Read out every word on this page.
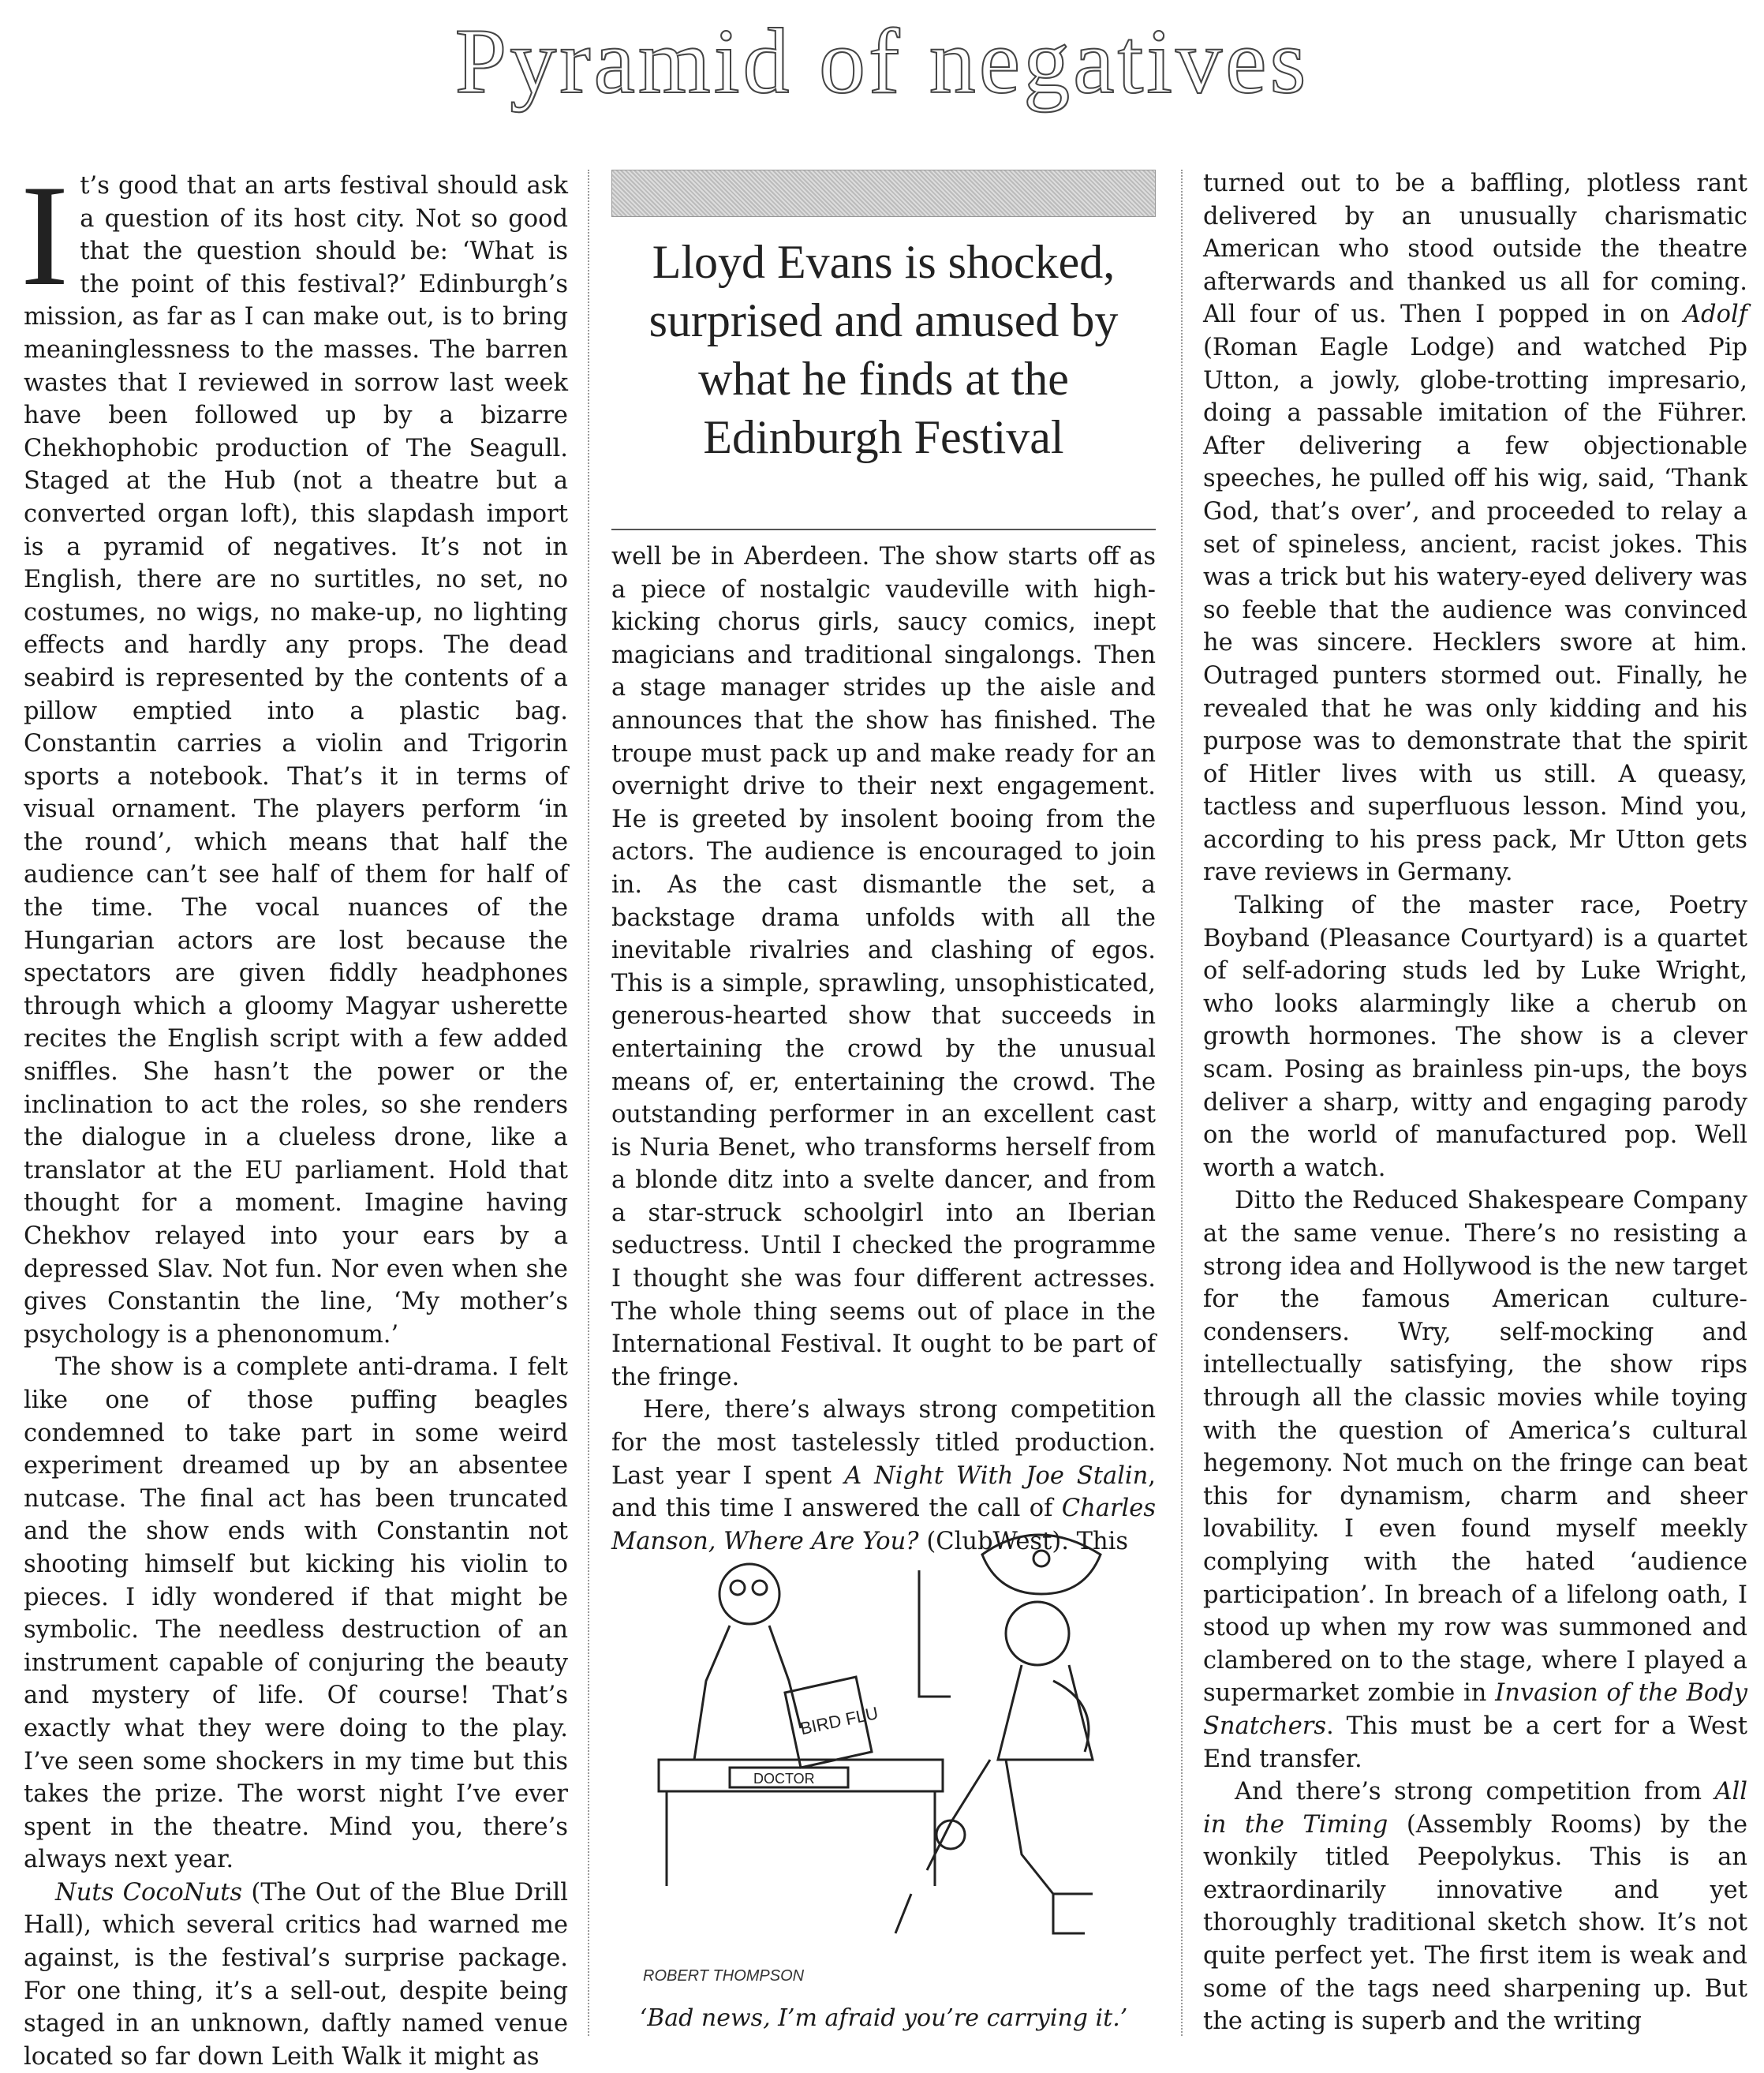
Pyramid of negatives

It’s good that an arts festival should ask a question of its host city. Not so good that the question should be: ‘What is the point of this festival?’ Edinburgh’s mission, as far as I can make out, is to bring meaninglessness to the masses. The barren wastes that I reviewed in sorrow last week have been followed up by a bizarre Chekhophobic production of The Seagull. Staged at the Hub (not a theatre but a converted organ loft), this slapdash import is a pyramid of negatives. It’s not in English, there are no surtitles, no set, no costumes, no wigs, no make-up, no lighting effects and hardly any props. The dead seabird is represented by the contents of a pillow emptied into a plastic bag. Constantin carries a violin and Trigorin sports a notebook. That’s it in terms of visual ornament. The players perform ‘in the round’, which means that half the audience can’t see half of them for half of the time. The vocal nuances of the Hungarian actors are lost because the spectators are given fiddly headphones through which a gloomy Magyar usherette recites the English script with a few added sniffles. She hasn’t the power or the inclination to act the roles, so she renders the dialogue in a clueless drone, like a translator at the EU parliament. Hold that thought for a moment. Imagine having Chekhov relayed into your ears by a depressed Slav. Not fun. Nor even when she gives Constantin the line, ‘My mother’s psychology is a phenonomum.’

The show is a complete anti-drama. I felt like one of those puffing beagles condemned to take part in some weird experiment dreamed up by an absentee nutcase. The final act has been truncated and the show ends with Constantin not shooting himself but kicking his violin to pieces. I idly wondered if that might be symbolic. The needless destruction of an instrument capable of conjuring the beauty and mystery of life. Of course! That’s exactly what they were doing to the play. I’ve seen some shockers in my time but this takes the prize. The worst night I’ve ever spent in the theatre. Mind you, there’s always next year.

Nuts CocoNuts (The Out of the Blue Drill Hall), which several critics had warned me against, is the festival’s surprise package. For one thing, it’s a sell-out, despite being staged in an unknown, daftly named venue located so far down Leith Walk it might as

Lloyd Evans is shocked, surprised and amused by what he finds at the Edinburgh Festival

well be in Aberdeen. The show starts off as a piece of nostalgic vaudeville with high-kicking chorus girls, saucy comics, inept magicians and traditional singalongs. Then a stage manager strides up the aisle and announces that the show has finished. The troupe must pack up and make ready for an overnight drive to their next engagement. He is greeted by insolent booing from the actors. The audience is encouraged to join in. As the cast dismantle the set, a backstage drama unfolds with all the inevitable rivalries and clashing of egos. This is a simple, sprawling, unsophisticated, generous-hearted show that succeeds in entertaining the crowd by the unusual means of, er, entertaining the crowd. The outstanding performer in an excellent cast is Nuria Benet, who transforms herself from a blonde ditz into a svelte dancer, and from a star-struck schoolgirl into an Iberian seductress. Until I checked the programme I thought she was four different actresses. The whole thing seems out of place in the International Festival. It ought to be part of the fringe.

Here, there’s always strong competition for the most tastelessly titled production. Last year I spent A Night With Joe Stalin, and this time I answered the call of Charles Manson, Where Are You? (ClubWest). This

BIRD FLU
DOCTOR
ROBERT THOMPSON
‘Bad news, I’m afraid you’re carrying it.’

turned out to be a baffling, plotless rant delivered by an unusually charismatic American who stood outside the theatre afterwards and thanked us all for coming. All four of us. Then I popped in on Adolf (Roman Eagle Lodge) and watched Pip Utton, a jowly, globe-trotting impresario, doing a passable imitation of the Führer. After delivering a few objectionable speeches, he pulled off his wig, said, ‘Thank God, that’s over’, and proceeded to relay a set of spineless, ancient, racist jokes. This was a trick but his watery-eyed delivery was so feeble that the audience was convinced he was sincere. Hecklers swore at him. Outraged punters stormed out. Finally, he revealed that he was only kidding and his purpose was to demonstrate that the spirit of Hitler lives with us still. A queasy, tactless and superfluous lesson. Mind you, according to his press pack, Mr Utton gets rave reviews in Germany.

Talking of the master race, Poetry Boyband (Pleasance Courtyard) is a quartet of self-adoring studs led by Luke Wright, who looks alarmingly like a cherub on growth hormones. The show is a clever scam. Posing as brainless pin-ups, the boys deliver a sharp, witty and engaging parody on the world of manufactured pop. Well worth a watch.

Ditto the Reduced Shakespeare Company at the same venue. There’s no resisting a strong idea and Hollywood is the new target for the famous American culture-condensers. Wry, self-mocking and intellectually satisfying, the show rips through all the classic movies while toying with the question of America’s cultural hegemony. Not much on the fringe can beat this for dynamism, charm and sheer lovability. I even found myself meekly complying with the hated ‘audience participation’. In breach of a lifelong oath, I stood up when my row was summoned and clambered on to the stage, where I played a supermarket zombie in Invasion of the Body Snatchers. This must be a cert for a West End transfer.

And there’s strong competition from All in the Timing (Assembly Rooms) by the wonkily titled Peepolykus. This is an extraordinarily innovative and yet thoroughly traditional sketch show. It’s not quite perfect yet. The first item is weak and some of the tags need sharpening up. But the acting is superb and the writing
